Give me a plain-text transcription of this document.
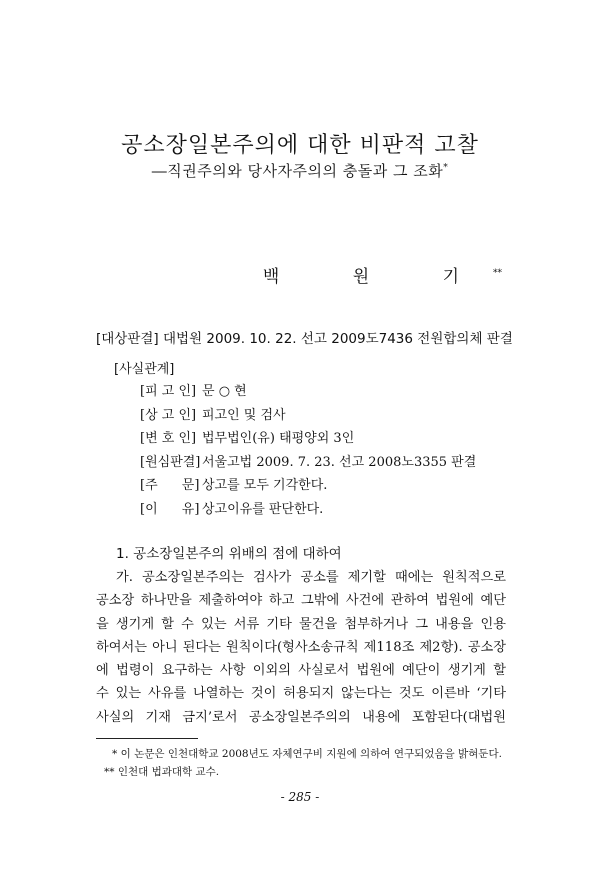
공소장일본주의에 대한 비판적 고찰
―직권주의와 당사자주의의 충돌과 그 조화*
백 원 기**
[대상판결] 대법원 2009. 10. 22. 선고 2009도7436 전원합의체 판결
[사실관계]
[피 고 인] 문 ○ 현
[상 고 인] 피고인 및 검사
[변 호 인] 법무법인(유) 태평양외 3인
[원심판결] 서울고법 2009. 7. 23. 선고 2008노3355 판결
[주 문] 상고를 모두 기각한다.
[이 유] 상고이유를 판단한다.
1. 공소장일본주의 위배의 점에 대하여
가. 공소장일본주의는 검사가 공소를 제기할 때에는 원칙적으로
공소장 하나만을 제출하여야 하고 그밖에 사건에 관하여 법원에 예단
을 생기게 할 수 있는 서류 기타 물건을 첨부하거나 그 내용을 인용
하여서는 아니 된다는 원칙이다(형사소송규칙 제118조 제2항). 공소장
에 법령이 요구하는 사항 이외의 사실로서 법원에 예단이 생기게 할
수 있는 사유를 나열하는 것이 허용되지 않는다는 것도 이른바 ‘기타
사실의 기재 금지’로서 공소장일본주의의 내용에 포함된다(대법원
* 이 논문은 인천대학교 2008년도 자체연구비 지원에 의하여 연구되었음을 밝혀둔다.
** 인천대 법과대학 교수.
- 285 -
